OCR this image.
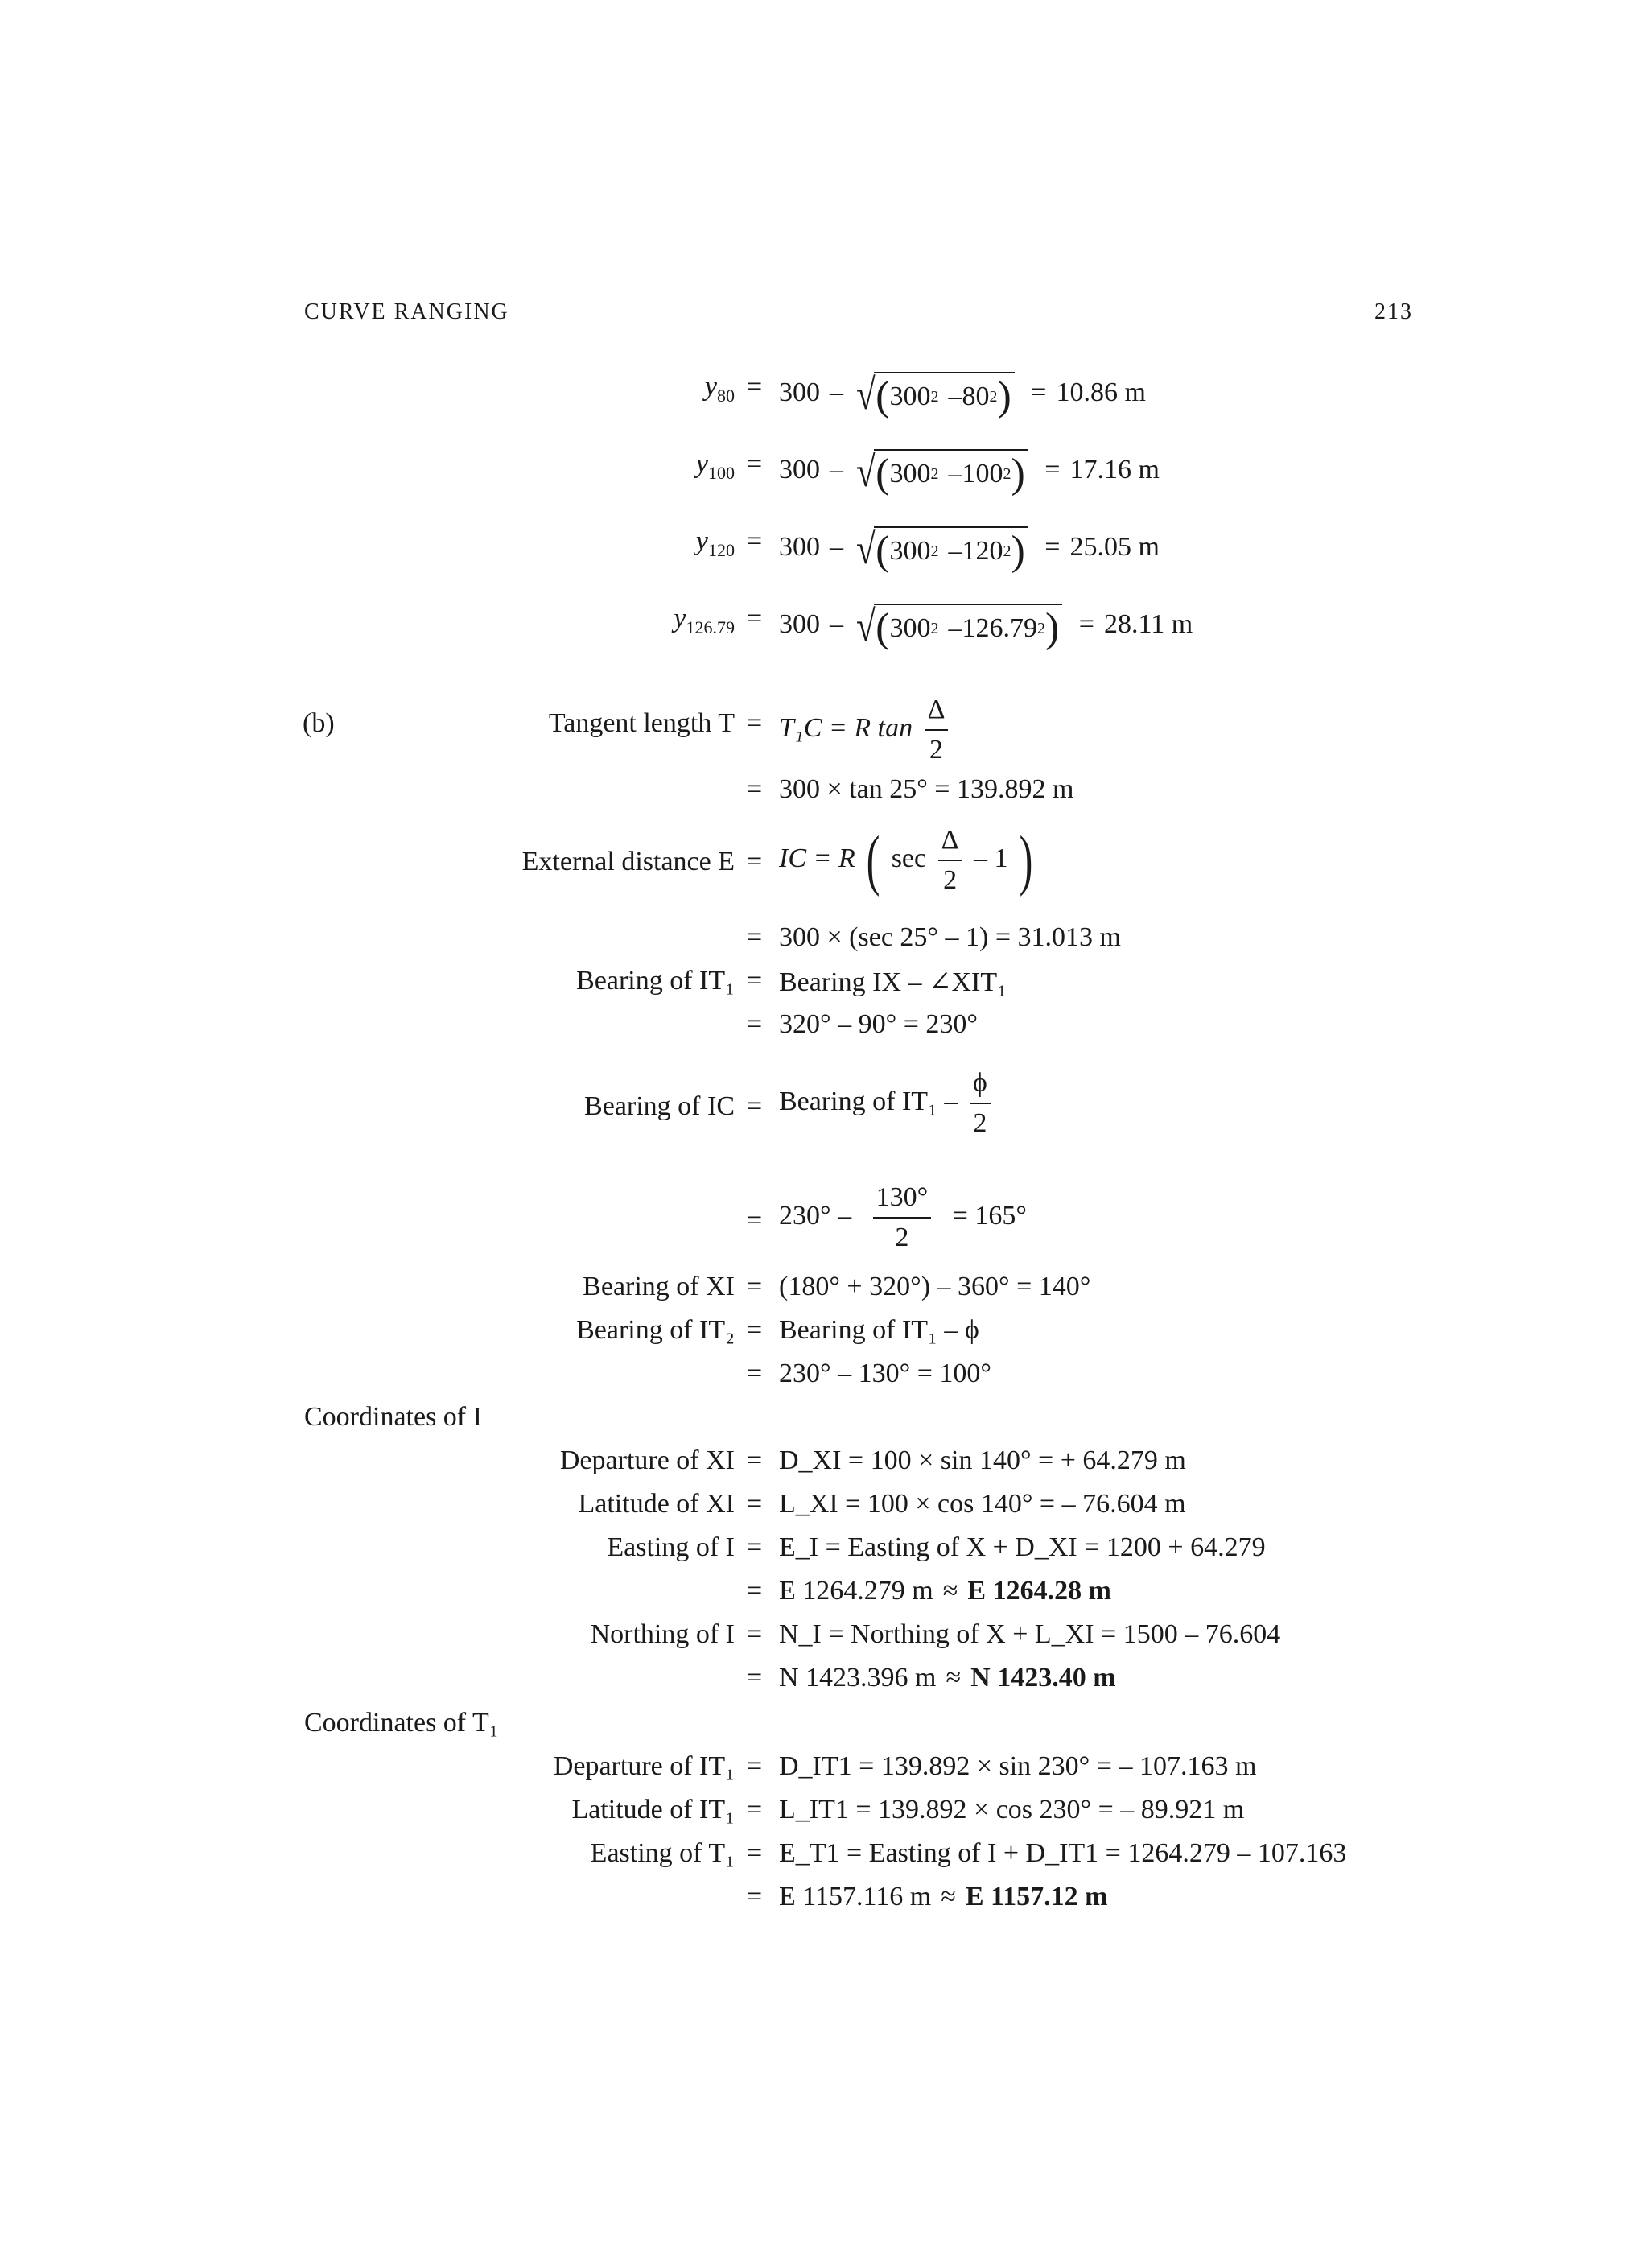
CURVE RANGING	213
$y_{80} = 300$ – √ ( 300 2 – 80 2 ) = 10.86 m
$y_{100} = 300$ – √ ( 300 2 – 100 2 ) = 17.16 m
$y_{120} = 300$ – √ ( 300 2 – 120 2 ) = 25.05 m
$y_{126.79} = 300$ – √ ( 300 2 – 126.79 2 ) = 28.11 m
(b)	Tangent length T = T₁C = R $\tan \frac{\Delta}{2}$
= 300 × tan 25° = 139.892 m
External distance E = IC = R ( $\sec \frac{\Delta}{2} - 1$ )
= 300 × (sec 25° – 1) = 31.013 m
Bearing of IT₁ = Bearing IX – ∠XIT₁
= 320° – 90° = 230°
Bearing of IC = Bearing of $IT_1 - \frac{\phi}{2}$
= $230^\circ - \frac{130^\circ}{2} = 165^\circ$
Bearing of XI = (180° + 320°) – 360° = 140°
Bearing of IT₂ = Bearing of IT₁ – ϕ
= 230° – 130° = 100°
Coordinates of I
Departure of XI = D_XI = 100 × sin 140° = + 64.279 m
Latitude of XI = L_XI = 100 × cos 140° = – 76.604 m
Easting of I = E_I = Easting of X + D_XI = 1200 + 64.279
= E 1264.279 m ≈ E 1264.28 m
Northing of I = N_I = Northing of X + L_XI = 1500 – 76.604
= N 1423.396 m ≈ N 1423.40 m
Coordinates of T₁
Departure of IT₁ = D_IT1 = 139.892 × sin 230° = – 107.163 m
Latitude of IT₁ = L_IT1 = 139.892 × cos 230° = – 89.921 m
Easting of T₁ = E_T1 = Easting of I + D_IT1 = 1264.279 – 107.163
= E 1157.116 m ≈ E 1157.12 m
